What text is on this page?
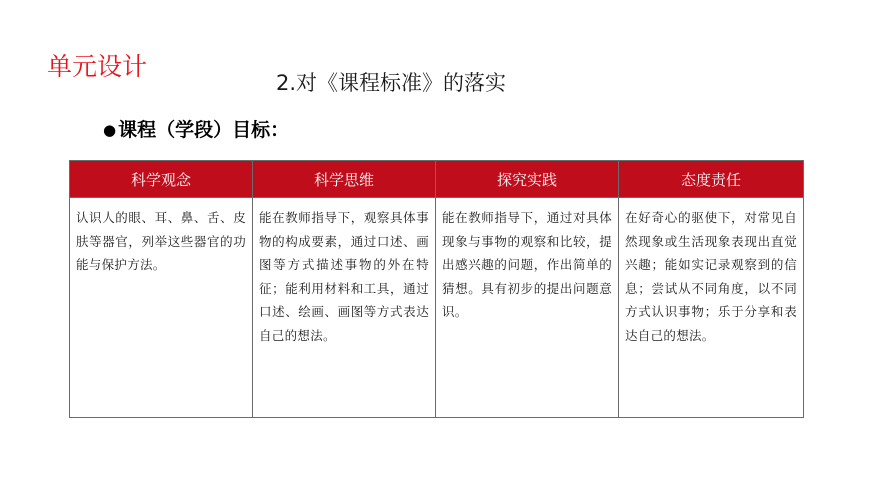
单元设计
2.对《课程标准》的落实
● 课程（学段）目标：
科学观念	科学思维	探究实践	态度责任
认识人的眼、耳、鼻、舌、皮肤等器官，列举这些器官的功能与保护方法。	能在教师指导下，观察具体事物的构成要素，通过口述、画图等方式描述事物的外在特征；能利用材料和工具，通过口述、绘画、画图等方式表达自己的想法。	能在教师指导下，通过对具体现象与事物的观察和比较，提出感兴趣的问题，作出简单的猜想。具有初步的提出问题意识。	在好奇心的驱使下，对常见自然现象或生活现象表现出直觉兴趣；能如实记录观察到的信息；尝试从不同角度，以不同方式认识事物；乐于分享和表达自己的想法。
